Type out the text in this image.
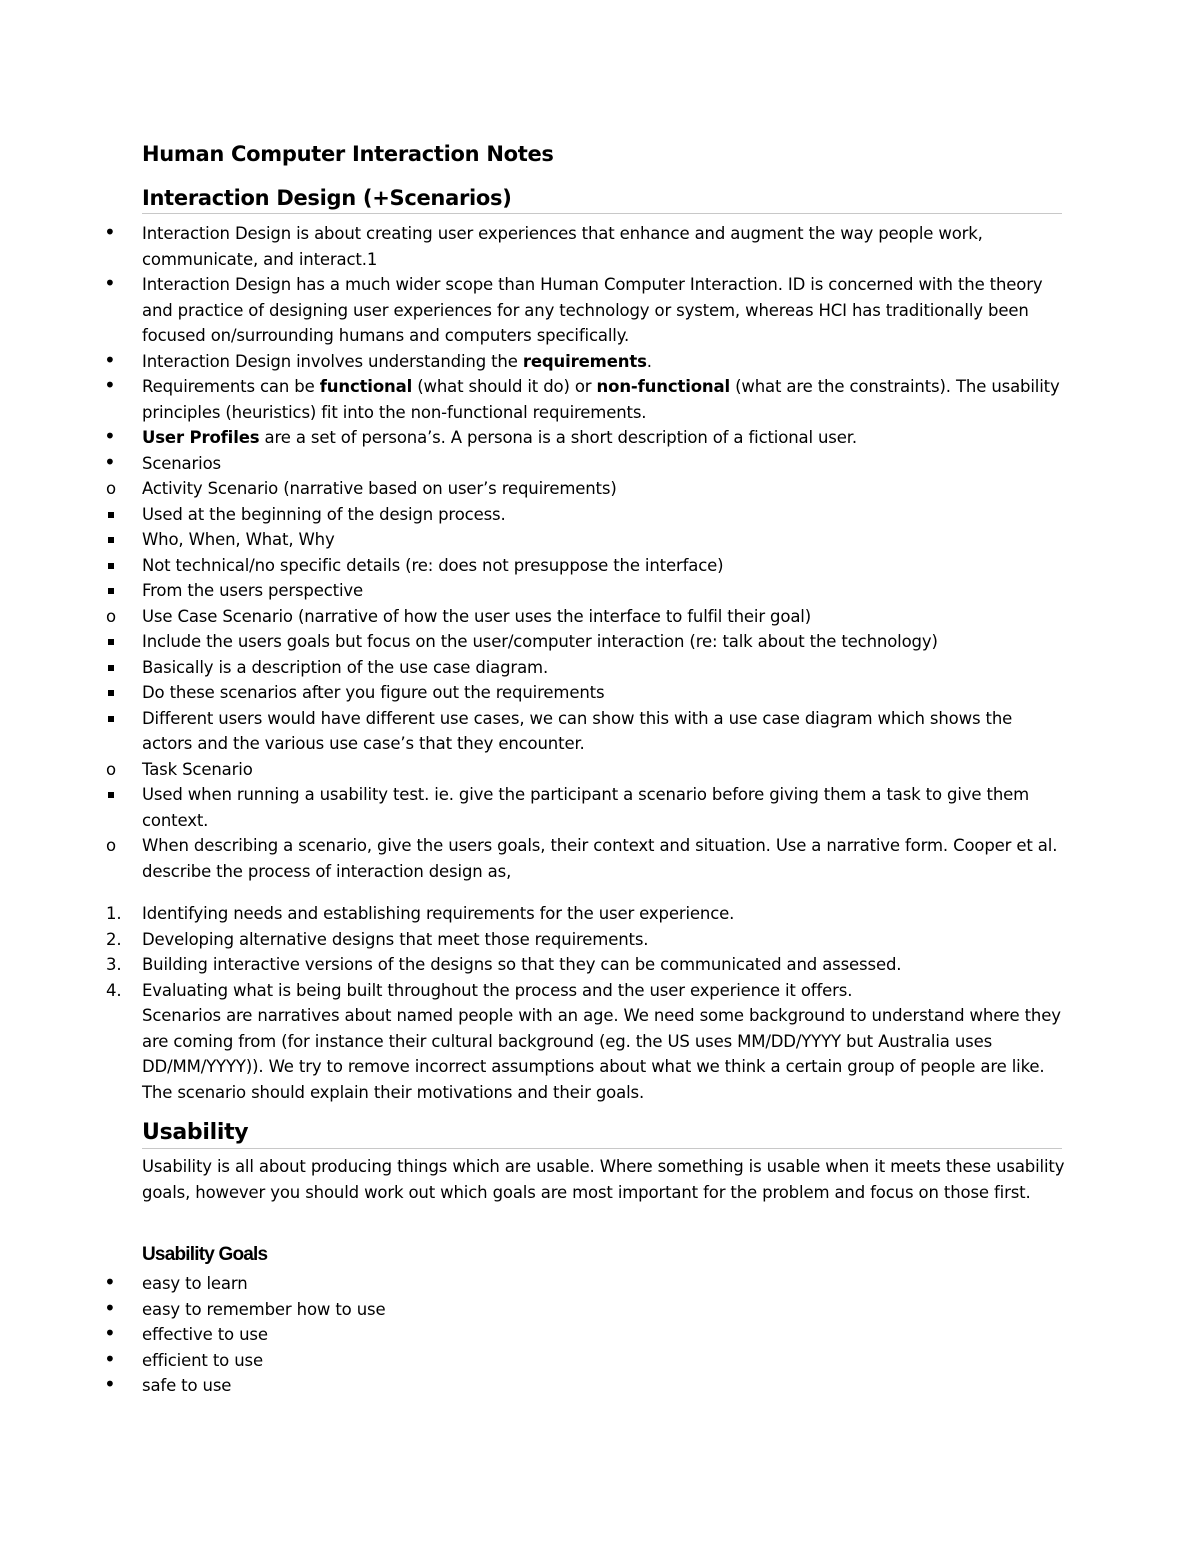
Human Computer Interaction Notes
Interaction Design (+Scenarios)
Interaction Design is about creating user experiences that enhance and augment the way people work, communicate, and interact.1
Interaction Design has a much wider scope than Human Computer Interaction. ID is concerned with the theory and practice of designing user experiences for any technology or system, whereas HCI has traditionally been focused on/surrounding humans and computers specifically.
Interaction Design involves understanding the requirements.
Requirements can be functional (what should it do) or non-functional (what are the constraints). The usability principles (heuristics) fit into the non-functional requirements.
User Profiles are a set of persona’s. A persona is a short description of a fictional user.
Scenarios
Activity Scenario (narrative based on user’s requirements)
Used at the beginning of the design process.
Who, When, What, Why
Not technical/no specific details (re: does not presuppose the interface)
From the users perspective
Use Case Scenario (narrative of how the user uses the interface to fulfil their goal)
Include the users goals but focus on the user/computer interaction (re: talk about the technology)
Basically is a description of the use case diagram.
Do these scenarios after you figure out the requirements
Different users would have different use cases, we can show this with a use case diagram which shows the actors and the various use case’s that they encounter.
Task Scenario
Used when running a usability test. ie. give the participant a scenario before giving them a task to give them context.
When describing a scenario, give the users goals, their context and situation. Use a narrative form. Cooper et al. describe the process of interaction design as,
1.	Identifying needs and establishing requirements for the user experience.
2.	Developing alternative designs that meet those requirements.
3.	Building interactive versions of the designs so that they can be communicated and assessed.
4.	Evaluating what is being built throughout the process and the user experience it offers.
Scenarios are narratives about named people with an age. We need some background to understand where they are coming from (for instance their cultural background (eg. the US uses MM/DD/YYYY but Australia uses DD/MM/YYYY)). We try to remove incorrect assumptions about what we think a certain group of people are like. The scenario should explain their motivations and their goals.
Usability
Usability is all about producing things which are usable. Where something is usable when it meets these usability goals, however you should work out which goals are most important for the problem and focus on those first.
Usability Goals
easy to learn
easy to remember how to use
effective to use
efficient to use
safe to use
